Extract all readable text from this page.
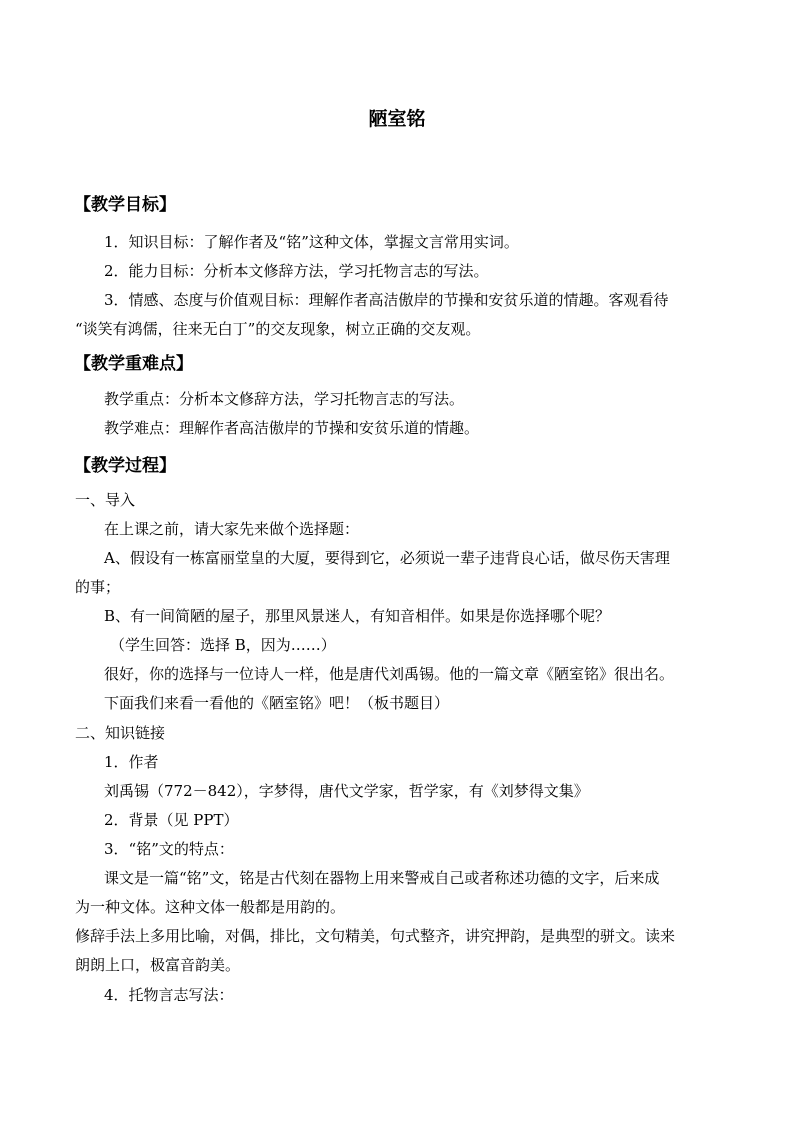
陋室铭
【教学目标】
1．知识目标：了解作者及“铭”这种文体，掌握文言常用实词。
2．能力目标：分析本文修辞方法，学习托物言志的写法。
3．情感、态度与价值观目标：理解作者高洁傲岸的节操和安贫乐道的情趣。客观看待
“谈笑有鸿儒，往来无白丁”的交友现象，树立正确的交友观。
【教学重难点】
教学重点：分析本文修辞方法，学习托物言志的写法。
教学难点：理解作者高洁傲岸的节操和安贫乐道的情趣。
【教学过程】
一、导入
在上课之前，请大家先来做个选择题：
A、假设有一栋富丽堂皇的大厦，要得到它，必须说一辈子违背良心话，做尽伤天害理
的事；
B、有一间简陋的屋子，那里风景迷人，有知音相伴。如果是你选择哪个呢？
（学生回答：选择 B，因为……）
很好，你的选择与一位诗人一样，他是唐代刘禹锡。他的一篇文章《陋室铭》很出名。
下面我们来看一看他的《陋室铭》吧！（板书题目）
二、知识链接
1．作者
刘禹锡（772－842），字梦得，唐代文学家，哲学家，有《刘梦得文集》
2．背景（见 PPT）
3．“铭”文的特点：
课文是一篇“铭”文，铭是古代刻在器物上用来警戒自己或者称述功德的文字，后来成
为一种文体。这种文体一般都是用韵的。
修辞手法上多用比喻，对偶，排比，文句精美，句式整齐，讲究押韵，是典型的骈文。读来
朗朗上口，极富音韵美。
4．托物言志写法：
